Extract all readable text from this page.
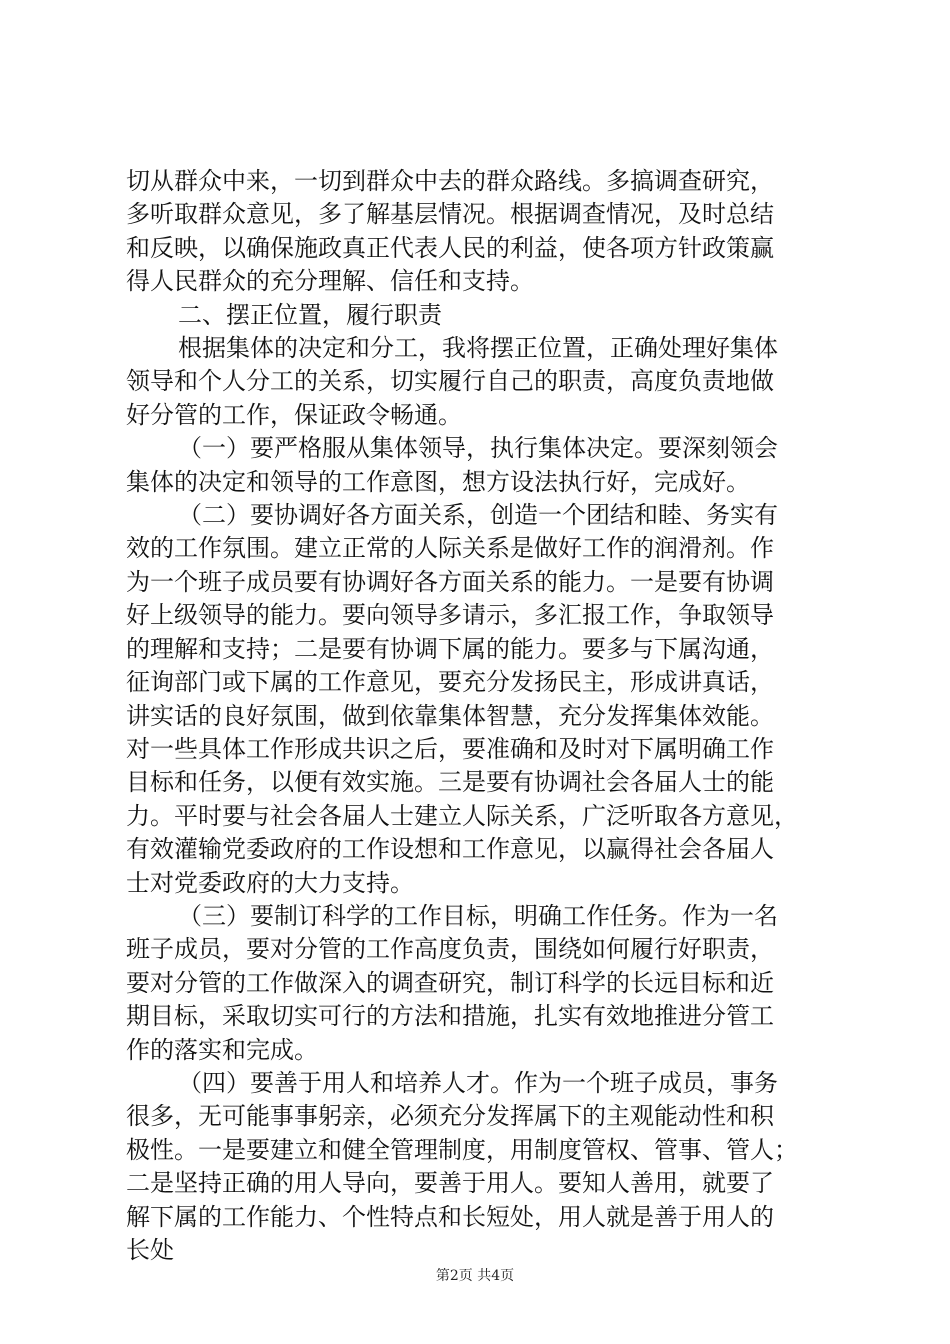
切从群众中来，一切到群众中去的群众路线。多搞调查研究，

多听取群众意见，多了解基层情况。根据调查情况，及时总结

和反映，以确保施政真正代表人民的利益，使各项方针政策赢

得人民群众的充分理解、信任和支持。

二、摆正位置，履行职责

根据集体的决定和分工，我将摆正位置，正确处理好集体

领导和个人分工的关系，切实履行自己的职责，高度负责地做

好分管的工作，保证政令畅通。

（一）要严格服从集体领导，执行集体决定。要深刻领会

集体的决定和领导的工作意图，想方设法执行好，完成好。

（二）要协调好各方面关系，创造一个团结和睦、务实有

效的工作氛围。建立正常的人际关系是做好工作的润滑剂。作

为一个班子成员要有协调好各方面关系的能力。一是要有协调

好上级领导的能力。要向领导多请示，多汇报工作，争取领导

的理解和支持；二是要有协调下属的能力。要多与下属沟通，

征询部门或下属的工作意见，要充分发扬民主，形成讲真话，

讲实话的良好氛围，做到依靠集体智慧，充分发挥集体效能。

对一些具体工作形成共识之后，要准确和及时对下属明确工作

目标和任务，以便有效实施。三是要有协调社会各届人士的能

力。平时要与社会各届人士建立人际关系，广泛听取各方意见，

有效灌输党委政府的工作设想和工作意见，以赢得社会各届人

士对党委政府的大力支持。

（三）要制订科学的工作目标，明确工作任务。作为一名

班子成员，要对分管的工作高度负责，围绕如何履行好职责，

要对分管的工作做深入的调查研究，制订科学的长远目标和近

期目标，采取切实可行的方法和措施，扎实有效地推进分管工

作的落实和完成。

（四）要善于用人和培养人才。作为一个班子成员，事务

很多，无可能事事躬亲，必须充分发挥属下的主观能动性和积

极性。一是要建立和健全管理制度，用制度管权、管事、管人；

二是坚持正确的用人导向，要善于用人。要知人善用，就要了

解下属的工作能力、个性特点和长短处，用人就是善于用人的

长处

第2页 共4页
